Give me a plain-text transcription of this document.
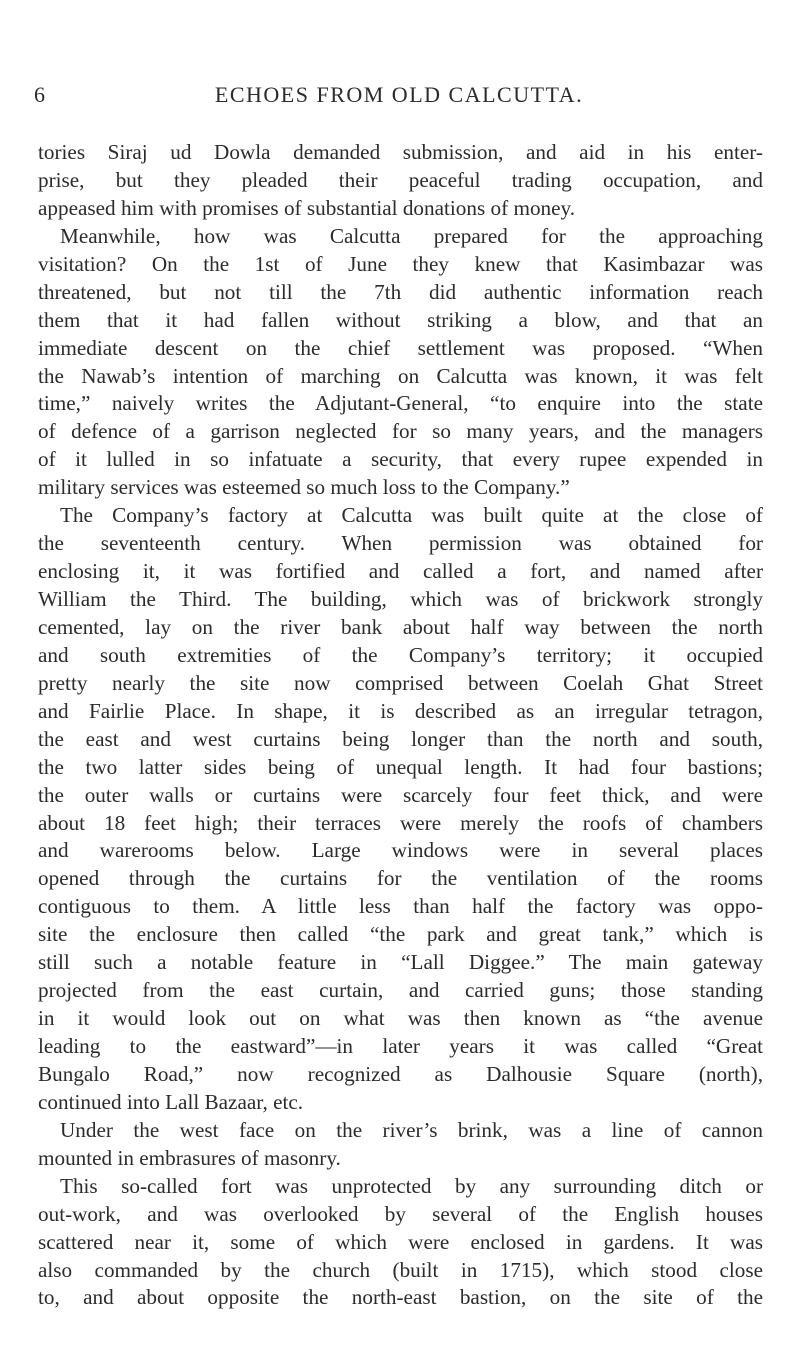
6	ECHOES FROM OLD CALCUTTA.
tories Siraj ud Dowla demanded submission, and aid in his enter-
prise, but they pleaded their peaceful trading occupation, and
appeased him with promises of substantial donations of money.
Meanwhile, how was Calcutta prepared for the approaching
visitation? On the 1st of June they knew that Kasimbazar was
threatened, but not till the 7th did authentic information reach
them that it had fallen without striking a blow, and that an
immediate descent on the chief settlement was proposed. “When
the Nawab’s intention of marching on Calcutta was known, it was felt
time,” naively writes the Adjutant-General, “to enquire into the state
of defence of a garrison neglected for so many years, and the managers
of it lulled in so infatuate a security, that every rupee expended in
military services was esteemed so much loss to the Company.”
The Company’s factory at Calcutta was built quite at the close of
the seventeenth century. When permission was obtained for
enclosing it, it was fortified and called a fort, and named after
William the Third. The building, which was of brickwork strongly
cemented, lay on the river bank about half way between the north
and south extremities of the Company’s territory; it occupied
pretty nearly the site now comprised between Coelah Ghat Street
and Fairlie Place. In shape, it is described as an irregular tetragon,
the east and west curtains being longer than the north and south,
the two latter sides being of unequal length. It had four bastions;
the outer walls or curtains were scarcely four feet thick, and were
about 18 feet high; their terraces were merely the roofs of chambers
and warerooms below. Large windows were in several places
opened through the curtains for the ventilation of the rooms
contiguous to them. A little less than half the factory was oppo-
site the enclosure then called “the park and great tank,” which is
still such a notable feature in “Lall Diggee.” The main gateway
projected from the east curtain, and carried guns; those standing
in it would look out on what was then known as “the avenue
leading to the eastward”—in later years it was called “Great
Bungalo Road,” now recognized as Dalhousie Square (north),
continued into Lall Bazaar, etc.
Under the west face on the river’s brink, was a line of cannon
mounted in embrasures of masonry.
This so-called fort was unprotected by any surrounding ditch or
out-work, and was overlooked by several of the English houses
scattered near it, some of which were enclosed in gardens. It was
also commanded by the church (built in 1715), which stood close
to, and about opposite the north-east bastion, on the site of the
